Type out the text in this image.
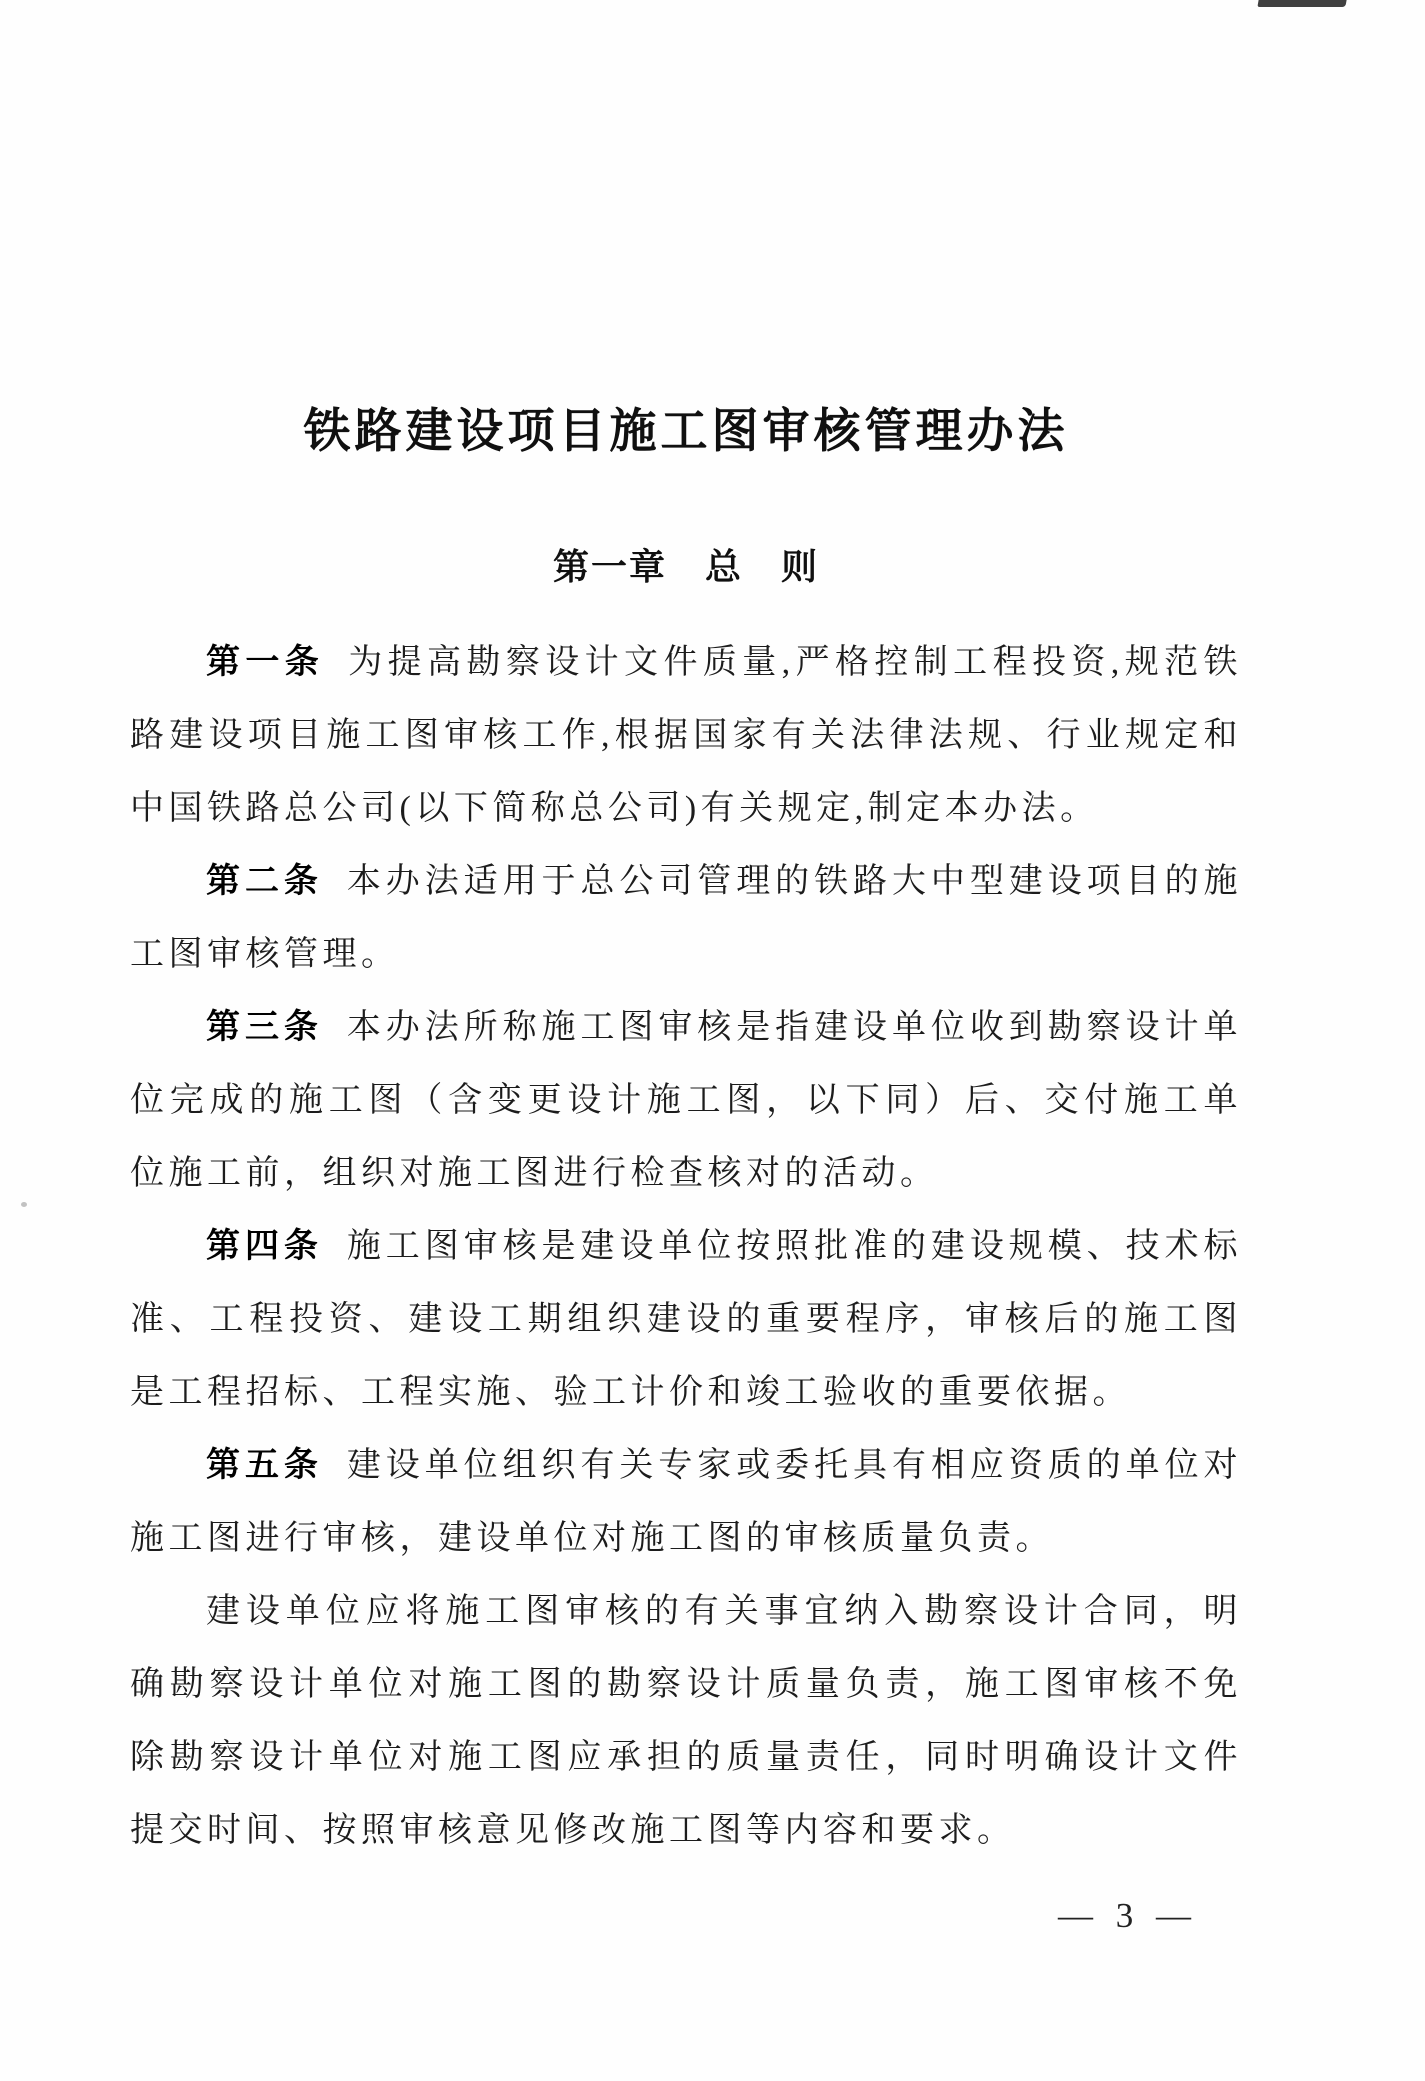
铁路建设项目施工图审核管理办法
第一章　总　则

第一条 为提高勘察设计文件质量,严格控制工程投资,规范铁路建设项目施工图审核工作,根据国家有关法律法规、行业规定和中国铁路总公司(以下简称总公司)有关规定,制定本办法。

第二条 本办法适用于总公司管理的铁路大中型建设项目的施工图审核管理。

第三条 本办法所称施工图审核是指建设单位收到勘察设计单位完成的施工图（含变更设计施工图，以下同）后、交付施工单位施工前，组织对施工图进行检查核对的活动。

第四条 施工图审核是建设单位按照批准的建设规模、技术标准、工程投资、建设工期组织建设的重要程序，审核后的施工图是工程招标、工程实施、验工计价和竣工验收的重要依据。

第五条 建设单位组织有关专家或委托具有相应资质的单位对施工图进行审核，建设单位对施工图的审核质量负责。

建设单位应将施工图审核的有关事宜纳入勘察设计合同，明确勘察设计单位对施工图的勘察设计质量负责，施工图审核不免除勘察设计单位对施工图应承担的质量责任，同时明确设计文件提交时间、按照审核意见修改施工图等内容和要求。

— 3 —
